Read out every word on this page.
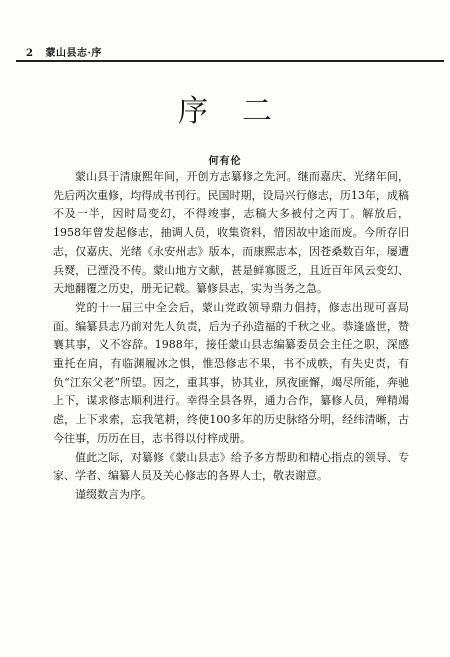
2 蒙山县志·序
序二
何有伦

蒙山县于清康熙年间，开创方志纂修之先河。继而嘉庆、光绪年间，先后两次重修，均得成书刊行。民国时期，设局兴行修志，历13年，成稿不及一半，因时局变幻，不得竣事，志稿大多被付之丙丁。解放后，1958年曾发起修志，抽调人员，收集资料，惜因故中途而废。今所存旧志，仅嘉庆、光绪《永安州志》版本，而康熙志本，因苍桑数百年，屡遭兵燹，已湮没不传。蒙山地方文献，甚是鲜寡匮乏，且近百年风云变幻、天地翻覆之历史，册无记载。纂修县志，实为当务之急。

党的十一届三中全会后，蒙山党政领导鼎力倡持，修志出现可喜局面。编纂县志乃前对先人负责，后为子孙造福的千秋之业。恭逢盛世，赞襄其事，义不容辞。1988年，接任蒙山县志编纂委员会主任之职，深感重托在肩，有临渊履冰之惧，惟恐修志不果，书不成帙，有失史责，有负“江东父老”所望。因之，重其事，协其业，夙夜匪懈，竭尽所能，奔驰上下，谋求修志顺利进行。幸得全县各界，通力合作，纂修人员，殚精竭虑，上下求索，忘我笔耕，终使100多年的历史脉络分明，经纬清晰，古今往事，历历在目，志书得以付梓成册。

值此之际，对纂修《蒙山县志》给予多方帮助和精心指点的领导、专家、学者、编纂人员及关心修志的各界人士，敬表谢意。

谨缀数言为序。
